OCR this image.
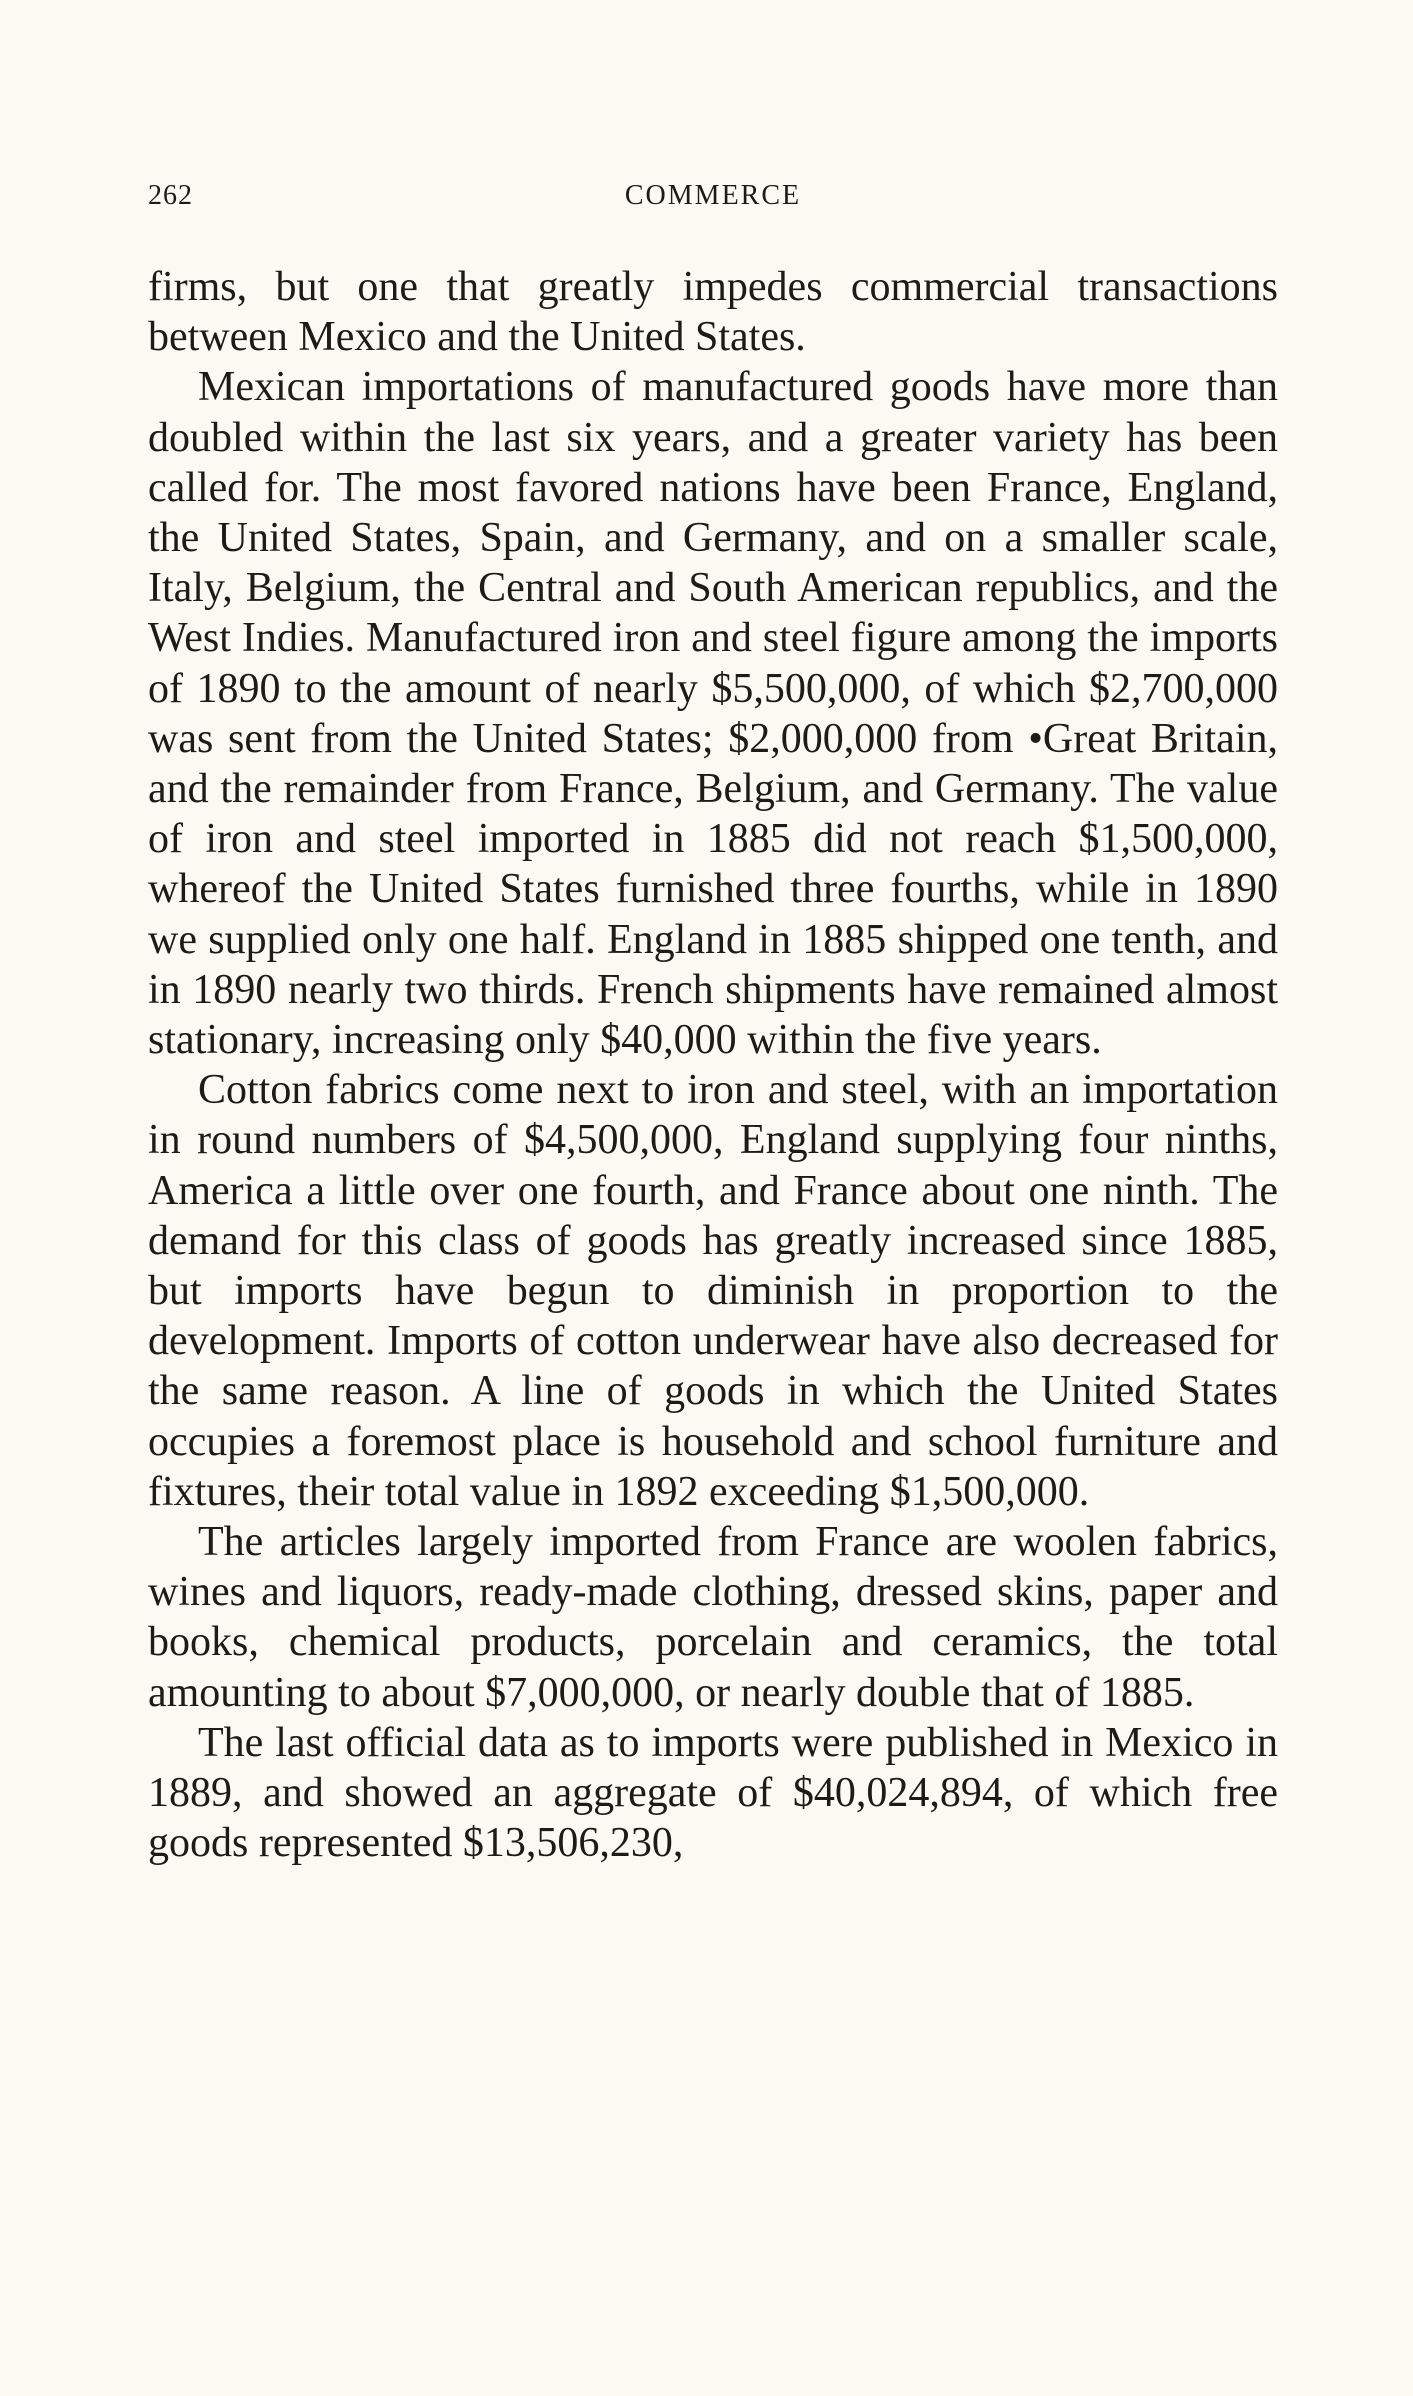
262	COMMERCE

firms, but one that greatly impedes commercial transactions between Mexico and the United States.

Mexican importations of manufactured goods have more than doubled within the last six years, and a greater variety has been called for. The most favored nations have been France, England, the United States, Spain, and Germany, and on a smaller scale, Italy, Belgium, the Central and South American republics, and the West Indies. Manufactured iron and steel figure among the imports of 1890 to the amount of nearly $5,500,000, of which $2,700,000 was sent from the United States; $2,000,000 from •Great Britain, and the remainder from France, Belgium, and Germany. The value of iron and steel imported in 1885 did not reach $1,500,000, whereof the United States furnished three fourths, while in 1890 we supplied only one half. England in 1885 shipped one tenth, and in 1890 nearly two thirds. French shipments have remained almost stationary, increasing only $40,000 within the five years.

Cotton fabrics come next to iron and steel, with an importation in round numbers of $4,500,000, England supplying four ninths, America a little over one fourth, and France about one ninth. The demand for this class of goods has greatly increased since 1885, but imports have begun to diminish in proportion to the development. Imports of cotton underwear have also decreased for the same reason. A line of goods in which the United States occupies a foremost place is household and school furniture and fixtures, their total value in 1892 exceeding $1,500,000.

The articles largely imported from France are woolen fabrics, wines and liquors, ready-made clothing, dressed skins, paper and books, chemical products, porcelain and ceramics, the total amounting to about $7,000,000, or nearly double that of 1885.

The last official data as to imports were published in Mexico in 1889, and showed an aggregate of $40,024,894, of which free goods represented $13,506,230,
